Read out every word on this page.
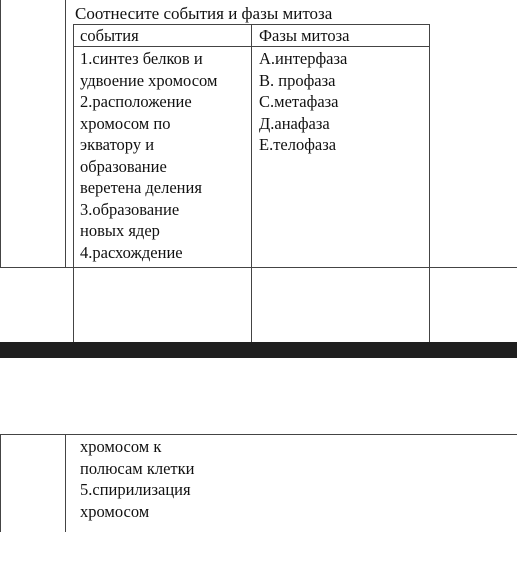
Соотнесите события и фазы митоза
события	Фазы митоза
1.синтез белков и
удвоение хромосом
2.расположение
хромосом по
экватору и
образование
веретена деления
3.образование
новых ядер
4.расхождение
А.интерфаза
В. профаза
С.метафаза
Д.анафаза
Е.телофаза
хромосом к
полюсам клетки
5.спирилизация
хромосом
